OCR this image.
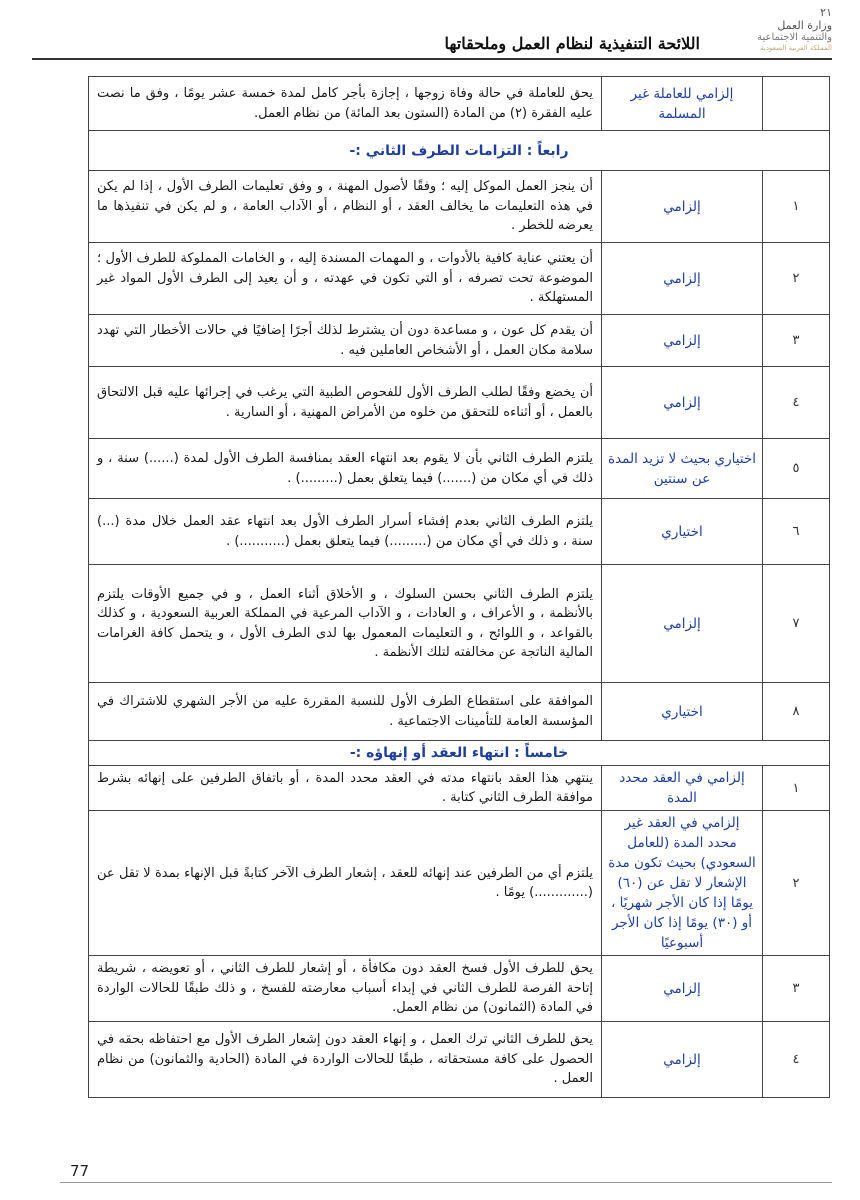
٢١
وزارة العمل
والتنمية الاجتماعية
المملكة العربية السعودية
اللائحة التنفيذية لنظام العمل وملحقاتها
	إلزامي للعاملة غير المسلمة	يحق للعاملة في حالة وفاة زوجها ، إجازة بأجر كامل لمدة خمسة عشر يومًا ، وفق ما نصت عليه الفقرة (٢) من المادة (الستون بعد المائة) من نظام العمل.
رابعاً : التزامات الطرف الثاني :-		
١	إلزامي	أن ينجز العمل الموكل إليه ؛ وفقًا لأصول المهنة ، و وفق تعليمات الطرف الأول ، إذا لم يكن في هذه التعليمات ما يخالف العقد ، أو النظام ، أو الآداب العامة ، و لم يكن في تنفيذها ما يعرضه للخطر .
٢	إلزامي	أن يعتني عناية كافية بالأدوات ، و المهمات المسندة إليه ، و الخامات المملوكة للطرف الأول ؛ الموضوعة تحت تصرفه ، أو التي تكون في عهدته ، و أن يعيد إلى الطرف الأول المواد غير المستهلكة .
٣	إلزامي	أن يقدم كل عون ، و مساعدة دون أن يشترط لذلك أجرًا إضافيًا في حالات الأخطار التي تهدد سلامة مكان العمل ، أو الأشخاص العاملين فيه .
٤	إلزامي	أن يخضع وفقًا لطلب الطرف الأول للفحوص الطبية التي يرغب في إجرائها عليه قبل الالتحاق بالعمل ، أو أثناءه للتحقق من خلوه من الأمراض المهنية ، أو السارية .
٥	اختياري بحيث لا تزيد المدة عن سنتين	يلتزم الطرف الثاني بأن لا يقوم بعد انتهاء العقد بمنافسة الطرف الأول لمدة (......) سنة ، و ذلك في أي مكان من (.......) فيما يتعلق بعمل (.........) .
٦	اختياري	يلتزم الطرف الثاني بعدم إفشاء أسرار الطرف الأول بعد انتهاء عقد العمل خلال مدة (...) سنة ، و ذلك في أي مكان من (.........) فيما يتعلق بعمل (...........) .
٧	إلزامي	يلتزم الطرف الثاني بحسن السلوك ، و الأخلاق أثناء العمل ، و في جميع الأوقات يلتزم بالأنظمة ، و الأعراف ، و العادات ، و الآداب المرعية في المملكة العربية السعودية ، و كذلك بالقواعد ، و اللوائح ، و التعليمات المعمول بها لدى الطرف الأول ، و يتحمل كافة الغرامات المالية الناتجة عن مخالفته لتلك الأنظمة .
٨	اختياري	الموافقة على استقطاع الطرف الأول للنسبة المقررة عليه من الأجر الشهري للاشتراك في المؤسسة العامة للتأمينات الاجتماعية .
خامساً : انتهاء العقد أو إنهاؤه :-		
١	إلزامي في العقد محدد المدة	ينتهي هذا العقد بانتهاء مدته في العقد محدد المدة ، أو باتفاق الطرفين على إنهائه بشرط موافقة الطرف الثاني كتابة .
٢	إلزامي في العقد غير محدد المدة (للعامل السعودي) بحيث تكون مدة الإشعار لا تقل عن (٦٠) يومًا إذا كان الأجر شهريًا ، أو (٣٠) يومًا إذا كان الأجر أسبوعيًا	يلتزم أي من الطرفين عند إنهائه للعقد ، إشعار الطرف الآخر كتابةً قبل الإنهاء بمدة لا تقل عن (.............) يومًا .
٣	إلزامي	يحق للطرف الأول فسخ العقد دون مكافأة ، أو إشعار للطرف الثاني ، أو تعويضه ، شريطة إتاحة الفرصة للطرف الثاني في إبداء أسباب معارضته للفسخ ، و ذلك طبقًا للحالات الواردة في المادة (الثمانون) من نظام العمل.
٤	إلزامي	يحق للطرف الثاني ترك العمل ، و إنهاء العقد دون إشعار الطرف الأول مع احتفاظه بحقه في الحصول على كافة مستحقاته ، طبقًا للحالات الواردة في المادة (الحادية والثمانون) من نظام العمل .
77
